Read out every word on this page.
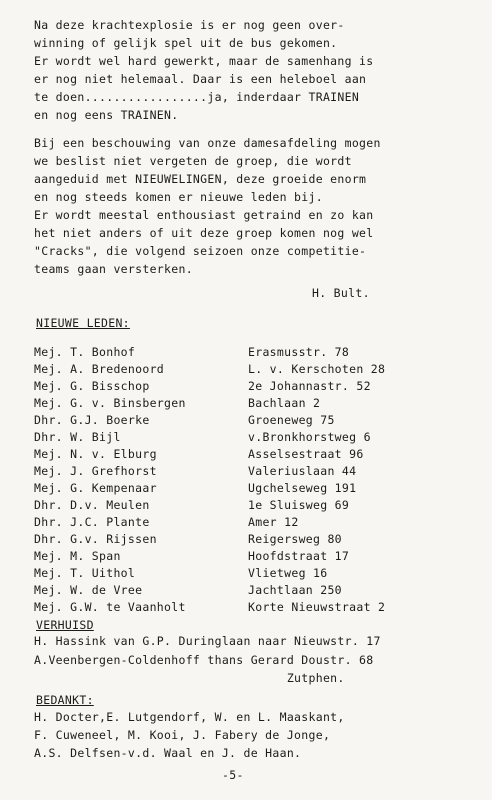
Na deze krachtexplosie is er nog geen over-
winning of gelijk spel uit de bus gekomen.
Er wordt wel hard gewerkt, maar de samenhang is
er nog niet helemaal. Daar is een heleboel aan
te doen.................ja, inderdaar TRAINEN
en nog eens TRAINEN.
Bij een beschouwing van onze damesafdeling mogen
we beslist niet vergeten de groep, die wordt
aangeduid met NIEUWELINGEN, deze groeide enorm
en nog steeds komen er nieuwe leden bij.
Er wordt meestal enthousiast getraind en zo kan
het niet anders of uit deze groep komen nog wel
"Cracks", die volgend seizoen onze competitie-
teams gaan versterken.
H. Bult.
NIEUWE LEDEN:
Mej. T. Bonhof	Erasmusstr. 78
Mej. A. Bredenoord	L. v. Kerschoten 28
Mej. G. Bisschop	2e Johannastr. 52
Mej. G. v. Binsbergen	Bachlaan 2
Dhr. G.J. Boerke	Groeneweg 75
Dhr. W. Bijl	v.Bronkhorstweg 6
Mej. N. v. Elburg	Asselsestraat 96
Mej. J. Grefhorst	Valeriuslaan 44
Mej. G. Kempenaar	Ugchelseweg 191
Dhr. D.v. Meulen	1e Sluisweg 69
Dhr. J.C. Plante	Amer 12
Dhr. G.v. Rijssen	Reigersweg 80
Mej. M. Span	Hoofdstraat 17
Mej. T. Uithol	Vlietweg 16
Mej. W. de Vree	Jachtlaan 250
Mej. G.W. te Vaanholt	Korte Nieuwstraat 2
VERHUISD
H. Hassink van G.P. Duringlaan naar Nieuwstr. 17
A.Veenbergen-Coldenhoff thans Gerard Doustr. 68
Zutphen.
BEDANKT:
H. Docter,E. Lutgendorf, W. en L. Maaskant,
F. Cuweneel, M. Kooi, J. Fabery de Jonge,
A.S. Delfsen-v.d. Waal en J. de Haan.
-5-
